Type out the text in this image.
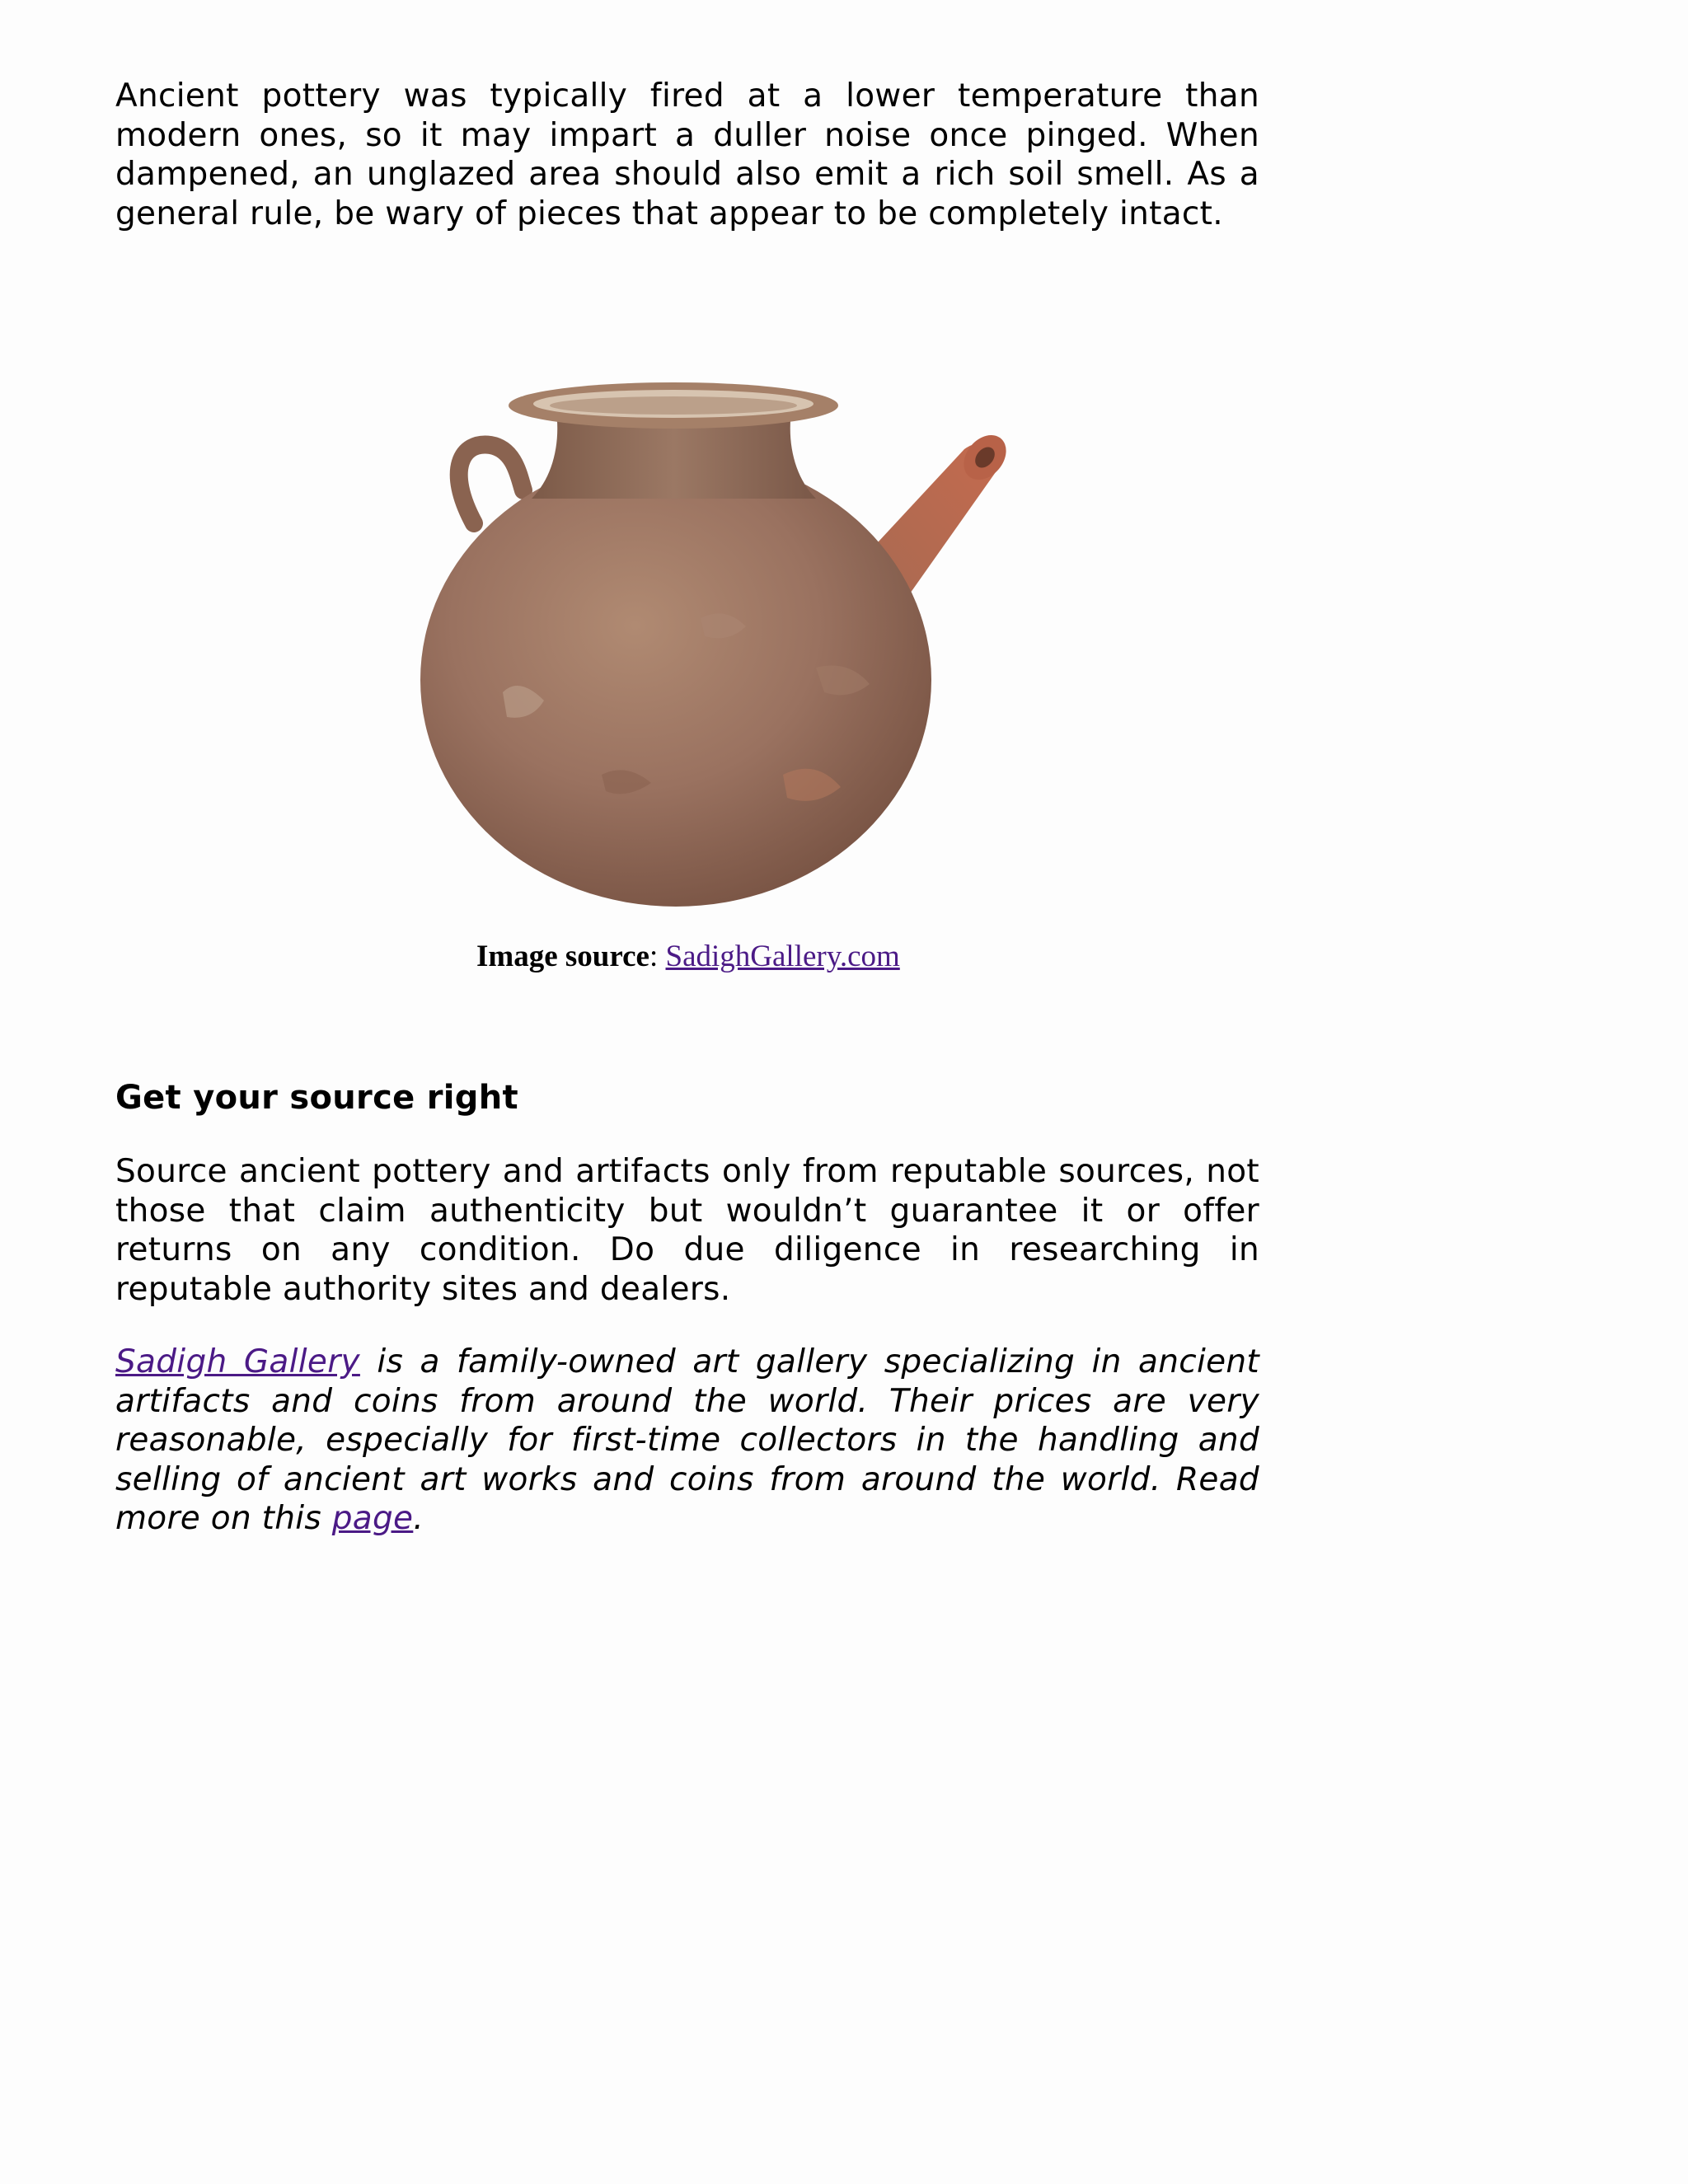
Ancient pottery was typically fired at a lower temperature than modern ones, so it may impart a duller noise once pinged. When dampened, an unglazed area should also emit a rich soil smell. As a general rule, be wary of pieces that appear to be completely intact.

Image source: SadighGallery.com
Get your source right

Source ancient pottery and artifacts only from reputable sources, not those that claim authenticity but wouldn’t guarantee it or offer returns on any condition. Do due diligence in researching in reputable authority sites and dealers.

Sadigh Gallery is a family-owned art gallery specializing in ancient artifacts and coins from around the world. Their prices are very reasonable, especially for first-time collectors in the handling and selling of ancient art works and coins from around the world. Read more on this page.
